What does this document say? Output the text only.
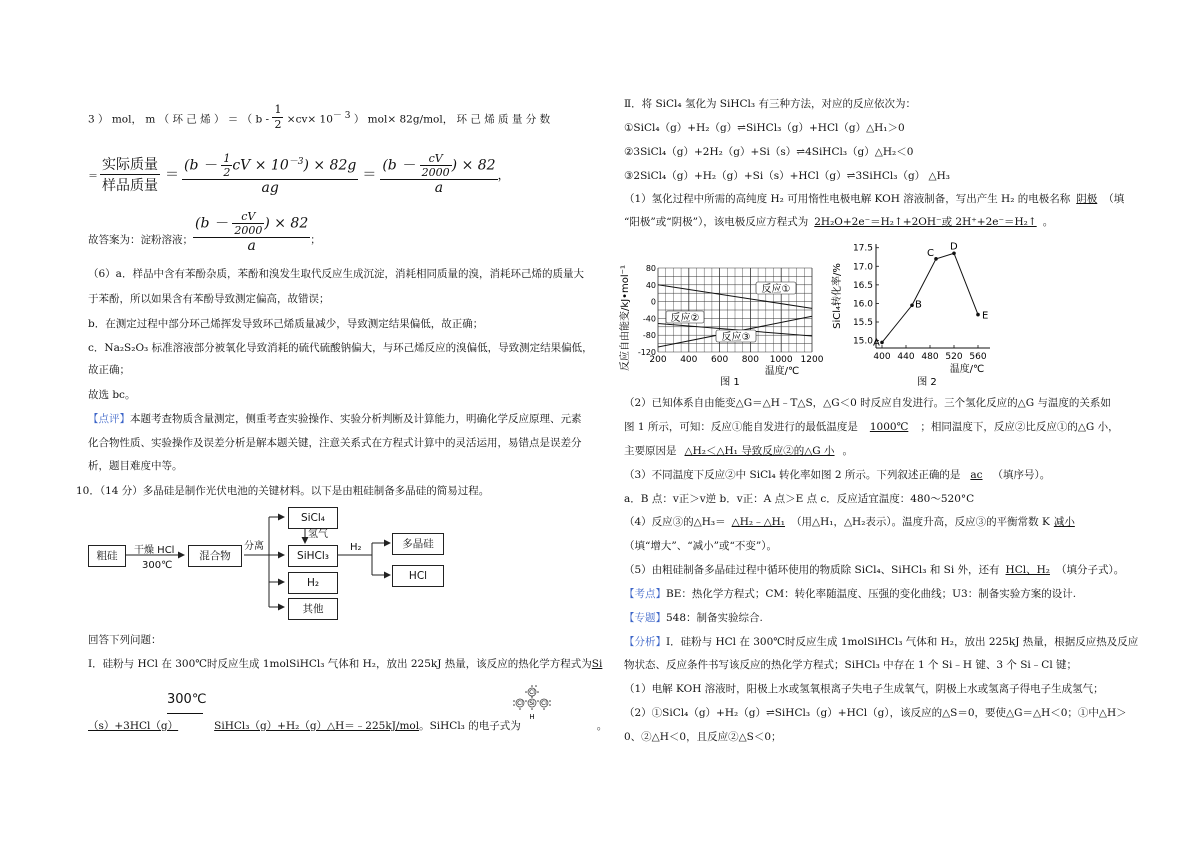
3 ） mol， m （ 环 己 烯 ） ＝ （ $b - \frac{1}{2} \times cv\times 10^{- 3}$ ） mol× 82g/mol， 环 己 烯 质 量 分 数
＝ $\frac{\text{实际质量}}{\text{样品质量}}$ ＝
($b - \frac{1}{2}$ cV × $10^{-3}) \times 82g$
ag
＝ $\frac{(b - \frac{cV}{2000} ) \times 82}{a}$ ，
故答案为：淀粉溶液； $\frac{(b - \frac{cV}{2000} ) \times 82}{a}$ ；
（6）a．样品中含有苯酚杂质，苯酚和溴发生取代反应生成沉淀，消耗相同质量的溴，消耗环己烯的质量大
于苯酚，所以如果含有苯酚导致测定偏高，故错误；
b．在测定过程中部分环己烯挥发导致环己烯质量减少，导致测定结果偏低，故正确；
c．Na₂S₂O₃ 标准溶液部分被氧化导致消耗的硫代硫酸钠偏大，与环己烯反应的溴偏低，导致测定结果偏低，
故正确；
故选 bc。
【点评】本题考查物质含量测定，侧重考查实验操作、实验分析判断及计算能力，明确化学反应原理、元素
化合物性质、实验操作及误差分析是解本题关键，注意关系式在方程式计算中的灵活运用，易错点是误差分
析，题目难度中等。
10．（14 分）多晶硅是制作光伏电池的关键材料。以下是由粗硅制备多晶硅的简易过程。
粗硅	干燥 HCl
300℃
混合物
分离
SiCl₄
氢气
SiHCl₃
H₂
其他
H₂	多晶硅
HCl
回答下列问题：
Ⅰ．硅粉与 HCl 在 300℃时反应生成 1molSiHCl₃ 气体和 H₂，放出 225kJ 热量，该反应的热化学方程式为Si
300℃
（s）+3HCl（g）	SiHCl₃（g）+H₂（g）△H＝﹣225kJ/mol。SiHCl₃ 的电子式为	。
Cl
Cl Si Cl
H
Ⅱ．将 SiCl₄ 氢化为 SiHCl₃ 有三种方法，对应的反应依次为：
①SiCl₄（g）+H₂（g）⇌SiHCl₃（g）+HCl（g）△H₁＞0
②3SiCl₄（g）+2H₂（g）+Si（s）⇌4SiHCl₃（g）△H₂＜0
③2SiCl₄（g）+H₂（g）+Si（s）+HCl（g）⇌3SiHCl₃（g） △H₃
（1）氢化过程中所需的高纯度 H₂ 可用惰性电极电解 KOH 溶液制备，写出产生 H₂ 的电极名称 阴极 （填
“阳极”或“阴极”），该电极反应方程式为 2H₂O+2e⁻＝H₂↑+2OH⁻或 2H⁺+2e⁻＝H₂↑ 。
200 400 600 800 1000 1200
80
40
0
-40
-80
-120
反应自由能变/kJ•mol⁻¹
温度/℃
图 1
反应①
反应②
反应③
400 440 480 520 560
17.5
17.0
16.5
16.0
15.5
15.0 A
B
C
D
E
SiCl₄转化率/%
温度/℃
图 2
（2）已知体系自由能变△G＝△H﹣T△S，△G＜0 时反应自发进行。三个氢化反应的△G 与温度的关系如
图 1 所示，可知：反应①能自发进行的最低温度是 1000℃ ；相同温度下，反应②比反应①的△G 小，
主要原因是 △H₂＜△H₁ 导致反应②的△G 小 。
（3）不同温度下反应②中 SiCl₄ 转化率如图 2 所示。下列叙述正确的是 ac （填序号）。
a．B 点：v正＞v逆 b．v正：A 点＞E 点 c．反应适宜温度：480～520°C
（4）反应③的△H₃＝ △H₂﹣△H₁ （用△H₁，△H₂表示）。温度升高，反应③的平衡常数 K 减小
（填“增大”、“减小”或“不变”）。
（5）由粗硅制备多晶硅过程中循环使用的物质除 SiCl₄、SiHCl₃ 和 Si 外，还有 HCl、H₂ （填分子式）。
【考点】BE：热化学方程式；CM：转化率随温度、压强的变化曲线；U3：制备实验方案的设计.
【专题】548：制备实验综合.
【分析】Ⅰ．硅粉与 HCl 在 300℃时反应生成 1molSiHCl₃ 气体和 H₂，放出 225kJ 热量，根据反应热及反应
物状态、反应条件书写该反应的热化学方程式；SiHCl₃ 中存在 1 个 Si﹣H 键、3 个 Si﹣Cl 键；
（1）电解 KOH 溶液时，阳极上水或氢氧根离子失电子生成氧气，阴极上水或氢离子得电子生成氢气；
（2）①SiCl₄（g）+H₂（g）⇌SiHCl₃（g）+HCl（g），该反应的△S＝0，要使△G＝△H＜0；①中△H＞
0、②△H＜0，且反应②△S＜0；
